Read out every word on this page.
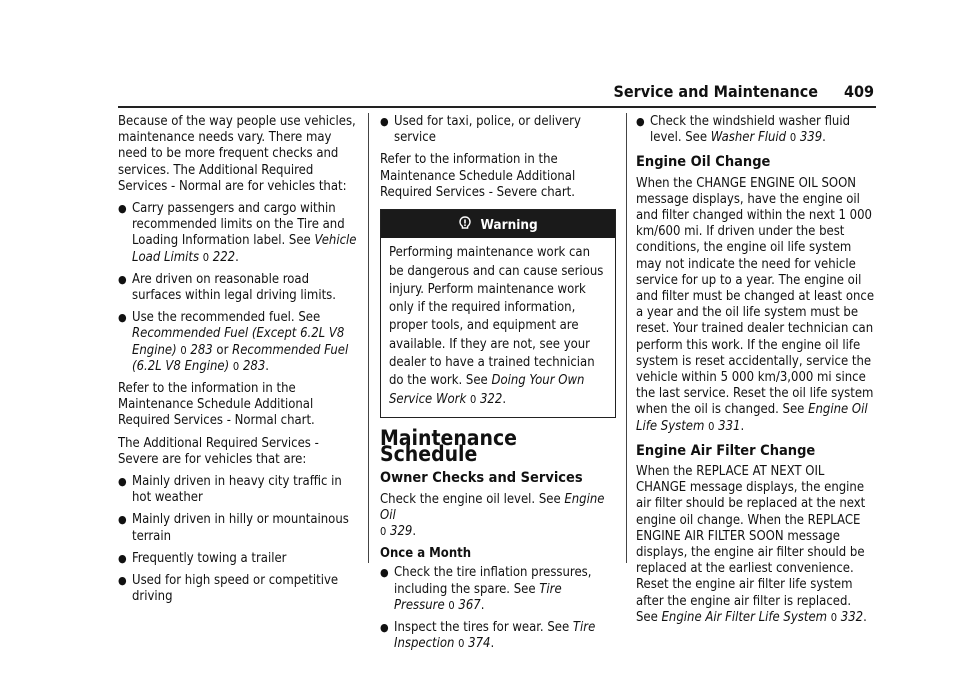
Service and Maintenance 409

Because of the way people use vehicles, maintenance needs vary. There may need to be more frequent checks and services. The Additional Required Services - Normal are for vehicles that:

● Carry passengers and cargo within recommended limits on the Tire and Loading Information label. See Vehicle Load Limits 0 222.
● Are driven on reasonable road surfaces within legal driving limits.
● Use the recommended fuel. See Recommended Fuel (Except 6.2L V8 Engine) 0 283 or Recommended Fuel (6.2L V8 Engine) 0 283.

Refer to the information in the Maintenance Schedule Additional Required Services - Normal chart.

The Additional Required Services - Severe are for vehicles that are:

● Mainly driven in heavy city traffic in hot weather
● Mainly driven in hilly or mountainous terrain
● Frequently towing a trailer
● Used for high speed or competitive driving
● Used for taxi, police, or delivery service

Refer to the information in the Maintenance Schedule Additional Required Services - Severe chart.

Warning
Performing maintenance work can be dangerous and can cause serious injury. Perform maintenance work only if the required information, proper tools, and equipment are available. If they are not, see your dealer to have a trained technician do the work. See Doing Your Own Service Work 0 322.
Maintenance Schedule
Owner Checks and Services

Check the engine oil level. See Engine Oil
0 329.

Once a Month
● Check the tire inflation pressures, including the spare. See Tire Pressure 0 367.
● Inspect the tires for wear. See Tire Inspection 0 374.
● Check the windshield washer fluid level. See Washer Fluid 0 339.
Engine Oil Change

When the CHANGE ENGINE OIL SOON message displays, have the engine oil and filter changed within the next 1 000 km/600 mi. If driven under the best conditions, the engine oil life system may not indicate the need for vehicle service for up to a year. The engine oil and filter must be changed at least once a year and the oil life system must be reset. Your trained dealer technician can perform this work. If the engine oil life system is reset accidentally, service the vehicle within 5 000 km/3,000 mi since the last service. Reset the oil life system when the oil is changed. See Engine Oil Life System 0 331.

Engine Air Filter Change

When the REPLACE AT NEXT OIL CHANGE message displays, the engine air filter should be replaced at the next engine oil change. When the REPLACE ENGINE AIR FILTER SOON message displays, the engine air filter should be replaced at the earliest convenience. Reset the engine air filter life system after the engine air filter is replaced. See Engine Air Filter Life System 0 332.
